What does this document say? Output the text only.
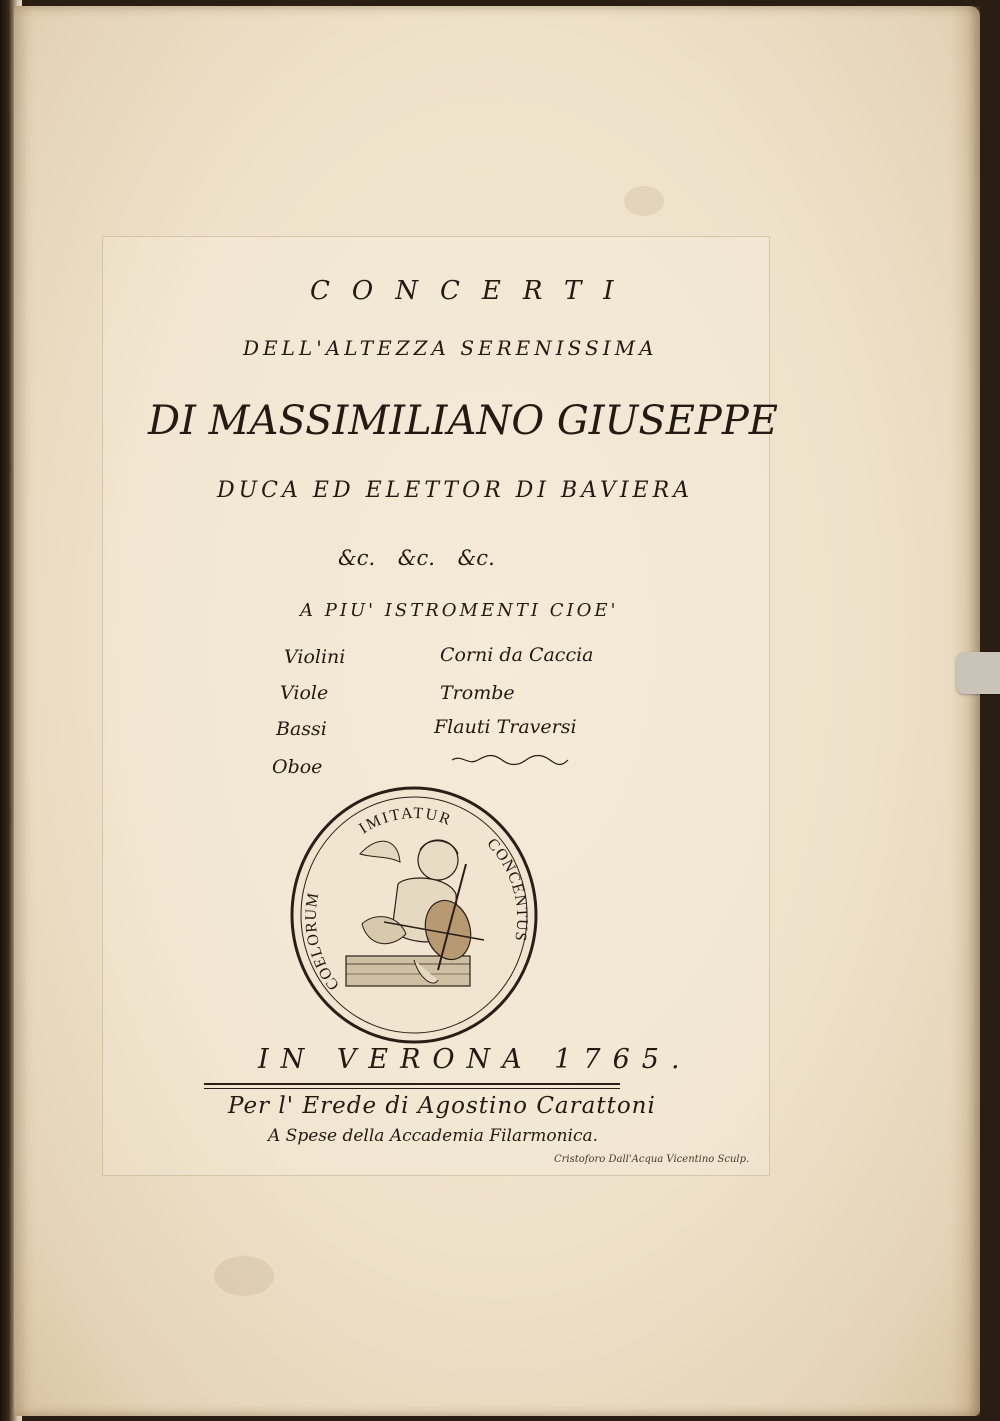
CONCERTI
DELL'ALTEZZA SERENISSIMA
DI MASSIMILIANO GIUSEPPE
DUCA ED ELETTOR DI BAVIERA
&c. &c. &c.
A PIU' ISTROMENTI CIOE'
Violini
Viole
Bassi
Oboe
Corni da Caccia
Trombe
Flauti Traversi
IMITATUR
COELORUM
CONCENTUS
IN VERONA 1765.
Per l' Erede di Agostino Carattoni
A Spese della Accademia Filarmonica.
Cristoforo Dall'Acqua Vicentino Sculp.
